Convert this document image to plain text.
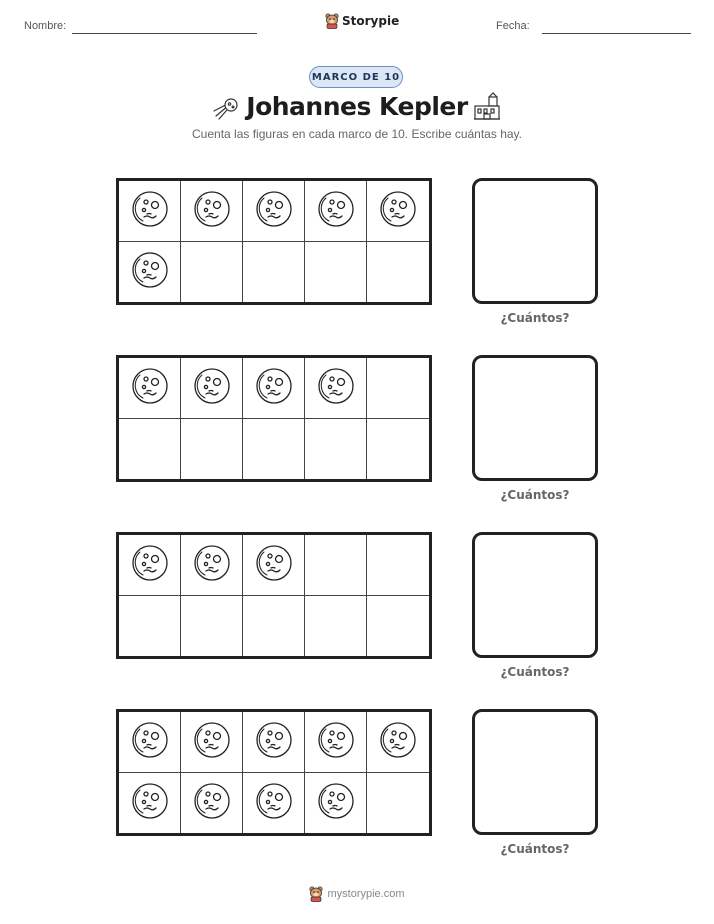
Nombre:	Storypie	Fecha:
MARCO DE 10
Johannes Kepler
Cuenta las figuras en cada marco de 10. Escribe cuántas hay.
¿Cuántos?
¿Cuántos?
¿Cuántos?
¿Cuántos?
mystorypie.com
